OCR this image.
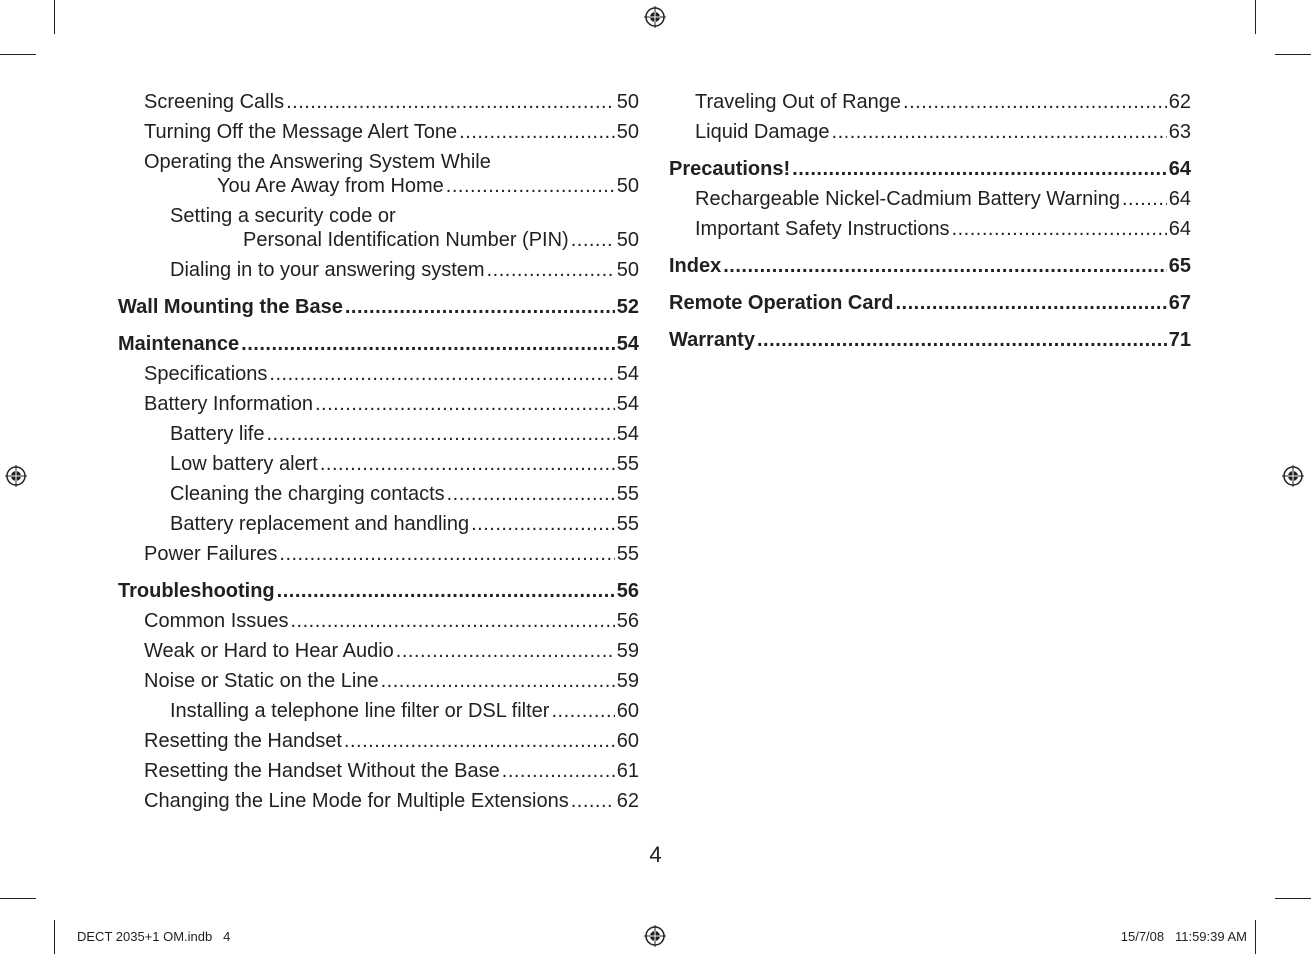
Screening Calls .....	50
Turning Off the Message Alert Tone .....	50
Operating the Answering System While
You Are Away from Home .....	50
Setting a security code or
Personal Identification Number (PIN) ..... 50
Dialing in to your answering system .....	50
Wall Mounting the Base .....	52
Maintenance .....	54
Specifications .....	54
Battery Information .....	54
Battery life .....	54
Low battery alert .....	55
Cleaning the charging contacts .....	55
Battery replacement and handling .....	55
Power Failures .....	55
Troubleshooting .....	56
Common Issues .....	56
Weak or Hard to Hear Audio .....	59
Noise or Static on the Line .....	59
Installing a telephone line filter or DSL filter .....	60
Resetting the Handset .....	60
Resetting the Handset Without the Base .....	61
Changing the Line Mode for Multiple Extensions ..... 62
Traveling Out of Range .....	62
Liquid Damage .....	63
Precautions! .....	64
Rechargeable Nickel-Cadmium Battery Warning ..... 64
Important Safety Instructions .....	64
Index .....	65
Remote Operation Card .....	67
Warranty .....	71
4
DECT 2035+1 OM.indb   4	15/7/08   11:59:39 AM
